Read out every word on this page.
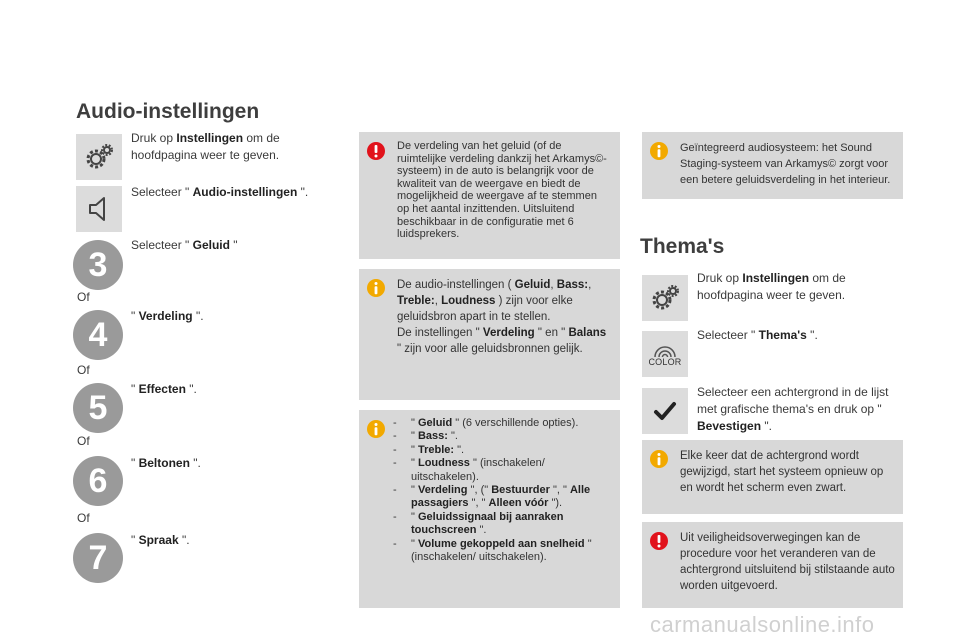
Audio-instellingen
Druk op Instellingen om de hoofdpagina weer te geven.
Selecteer " Audio-instellingen ".
3
Selecteer " Geluid "
Of
4	" Verdeling ".
Of
5	" Effecten ".
Of
6	" Beltonen ".
Of
7	" Spraak ".
De verdeling van het geluid (of de ruimtelijke verdeling dankzij het Arkamys©-systeem) in de auto is belangrijk voor de kwaliteit van de weergave en biedt de mogelijkheid de weergave af te stemmen op het aantal inzittenden. Uitsluitend beschikbaar in de configuratie met 6 luidsprekers.
De audio-instellingen ( Geluid, Bass:, Treble:, Loudness ) zijn voor elke geluidsbron apart in te stellen.
De instellingen " Verdeling " en " Balans " zijn voor alle geluidsbronnen gelijk.
- " Geluid " (6 verschillende opties).
- " Bass: ".
- " Treble: ".
- " Loudness " (inschakelen/ uitschakelen).
- " Verdeling ", (" Bestuurder ", " Alle passagiers ", " Alleen vóór ").
- " Geluidssignaal bij aanraken touchscreen ".
- " Volume gekoppeld aan snelheid " (inschakelen/ uitschakelen).
Geïntegreerd audiosysteem: het Sound Staging-systeem van Arkamys© zorgt voor een betere geluidsverdeling in het interieur.
Thema's
Druk op Instellingen om de hoofdpagina weer te geven.
COLOR
Selecteer " Thema's ".
Selecteer een achtergrond in de lijst met grafische thema's en druk op " Bevestigen ".
Elke keer dat de achtergrond wordt gewijzigd, start het systeem opnieuw op en wordt het scherm even zwart.
Uit veiligheidsoverwegingen kan de procedure voor het veranderen van de achtergrond uitsluitend bij stilstaande auto worden uitgevoerd.
carmanualsonline.info
